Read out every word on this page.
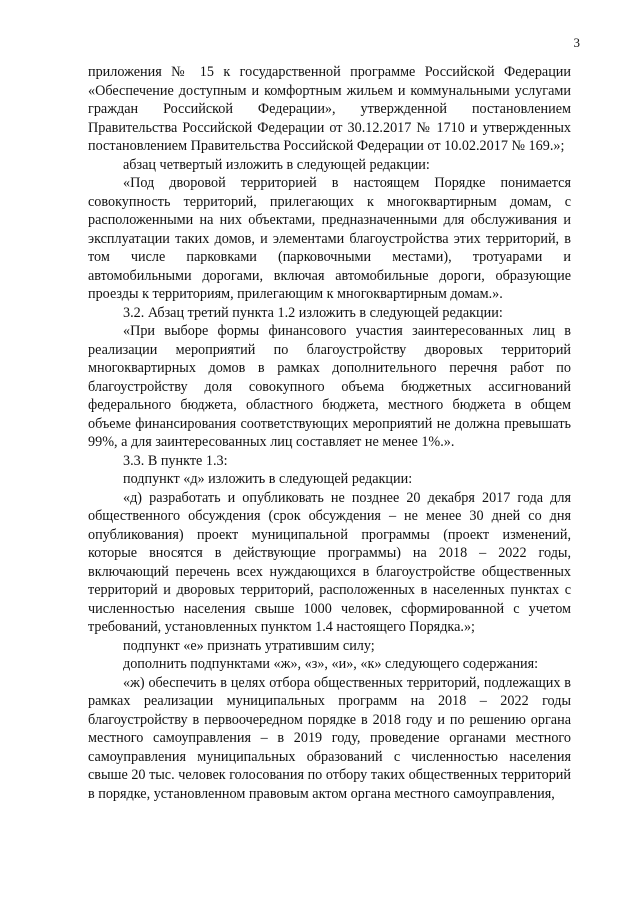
3

приложения № 15 к государственной программе Российской Федерации «Обеспечение доступным и комфортным жильем и коммунальными услугами граждан Российской Федерации», утвержденной постановлением Правительства Российской Федерации от 30.12.2017 № 1710 и утвержденных постановлением Правительства Российской Федерации от 10.02.2017 № 169.»;

абзац четвертый изложить в следующей редакции:

«Под дворовой территорией в настоящем Порядке понимается совокупность территорий, прилегающих к многоквартирным домам, с расположенными на них объектами, предназначенными для обслуживания и эксплуатации таких домов, и элементами благоустройства этих территорий, в том числе парковками (парковочными местами), тротуарами и автомобильными дорогами, включая автомобильные дороги, образующие проезды к территориям, прилегающим к многоквартирным домам.».

3.2. Абзац третий пункта 1.2 изложить в следующей редакции:

«При выборе формы финансового участия заинтересованных лиц в реализации мероприятий по благоустройству дворовых территорий многоквартирных домов в рамках дополнительного перечня работ по благоустройству доля совокупного объема бюджетных ассигнований федерального бюджета, областного бюджета, местного бюджета в общем объеме финансирования соответствующих мероприятий не должна превышать 99%, а для заинтересованных лиц составляет не менее 1%.».

3.3. В пункте 1.3:

подпункт «д» изложить в следующей редакции:

«д) разработать и опубликовать не позднее 20 декабря 2017 года для общественного обсуждения (срок обсуждения – не менее 30 дней со дня опубликования) проект муниципальной программы (проект изменений, которые вносятся в действующие программы) на 2018 – 2022 годы, включающий перечень всех нуждающихся в благоустройстве общественных территорий и дворовых территорий, расположенных в населенных пунктах с численностью населения свыше 1000 человек, сформированной с учетом требований, установленных пунктом 1.4 настоящего Порядка.»;

подпункт «е» признать утратившим силу;

дополнить подпунктами «ж», «з», «и», «к» следующего содержания:

«ж) обеспечить в целях отбора общественных территорий, подлежащих в рамках реализации муниципальных программ на 2018 – 2022 годы благоустройству в первоочередном порядке в 2018 году и по решению органа местного самоуправления – в 2019 году, проведение органами местного самоуправления муниципальных образований с численностью населения свыше 20 тыс. человек голосования по отбору таких общественных территорий в порядке, установленном правовым актом органа местного самоуправления,
